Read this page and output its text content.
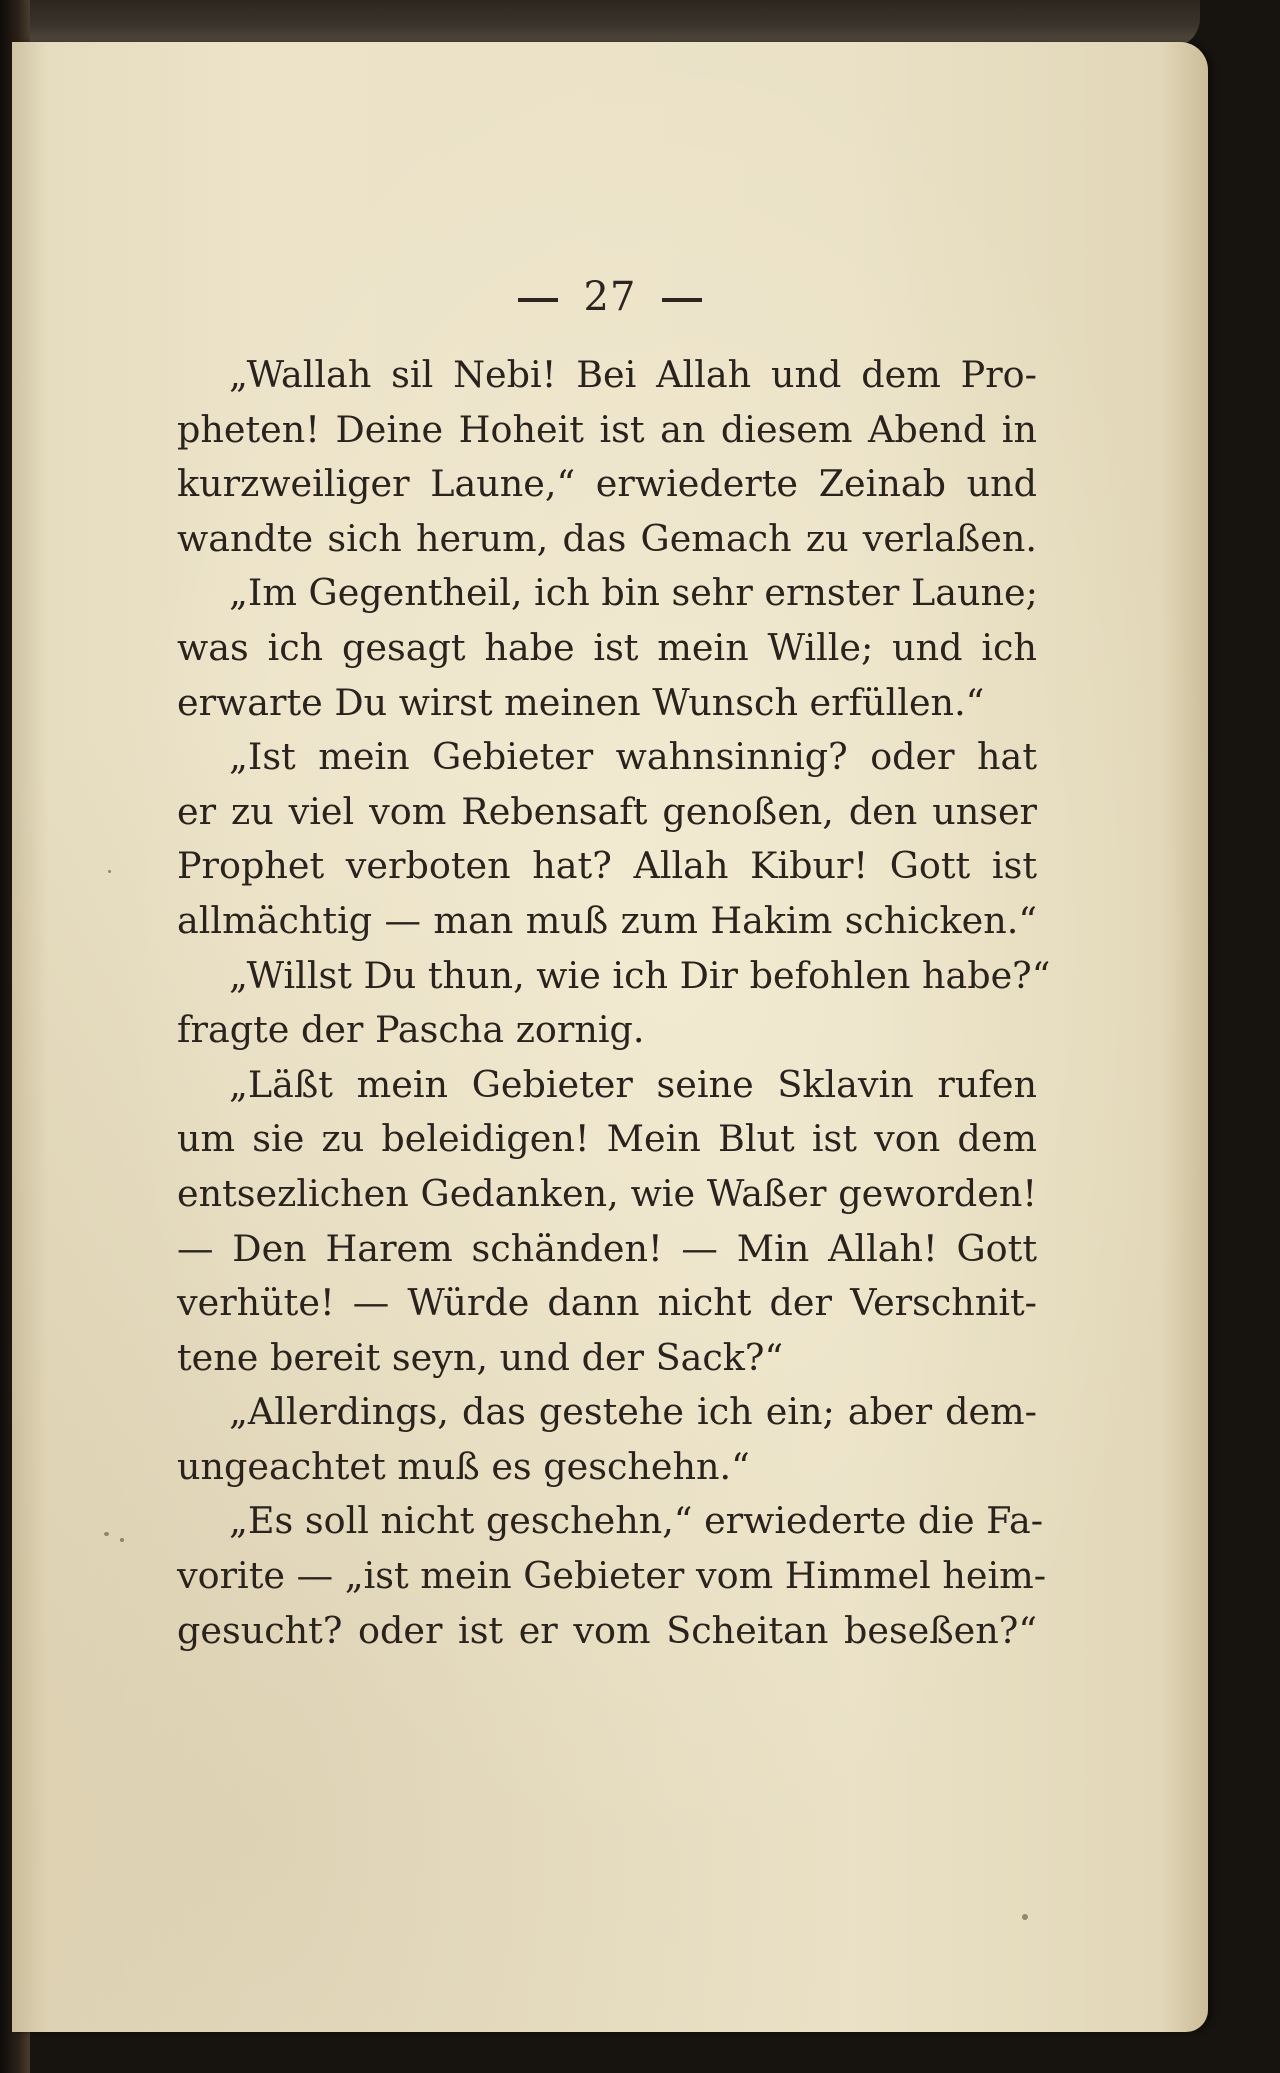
27
„Wallah sil Nebi! Bei Allah und dem Pro-
pheten! Deine Hoheit ist an diesem Abend in
kurzweiliger Laune,“ erwiederte Zeinab und
wandte sich herum, das Gemach zu verlaßen.
„Im Gegentheil, ich bin sehr ernster Laune;
was ich gesagt habe ist mein Wille; und ich
erwarte Du wirst meinen Wunsch erfüllen.“
„Ist mein Gebieter wahnsinnig? oder hat
er zu viel vom Rebensaft genoßen, den unser
Prophet verboten hat? Allah Kibur! Gott ist
allmächtig — man muß zum Hakim schicken.“
„Willst Du thun, wie ich Dir befohlen habe?“
fragte der Pascha zornig.
„Läßt mein Gebieter seine Sklavin rufen
um sie zu beleidigen! Mein Blut ist von dem
entsezlichen Gedanken, wie Waßer geworden!
— Den Harem schänden! — Min Allah! Gott
verhüte! — Würde dann nicht der Verschnit-
tene bereit seyn, und der Sack?“
„Allerdings, das gestehe ich ein; aber dem-
ungeachtet muß es geschehn.“
„Es soll nicht geschehn,“ erwiederte die Fa-
vorite — „ist mein Gebieter vom Himmel heim-
gesucht? oder ist er vom Scheitan beseßen?“
